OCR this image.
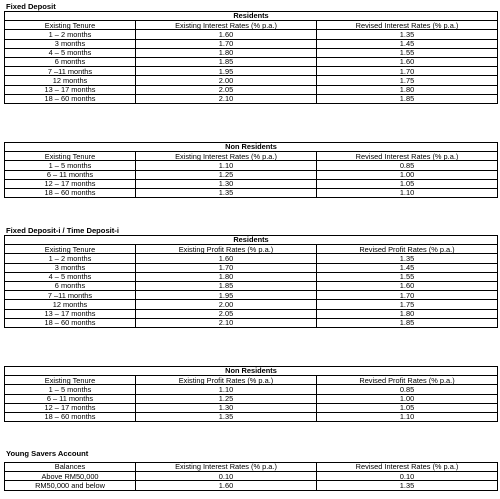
Fixed Deposit
Residents		
Existing Tenure	Existing Interest Rates (% p.a.)	Revised Interest Rates (% p.a.)
1 – 2 months	1.60	1.35
3 months	1.70	1.45
4 – 5 months	1.80	1.55
6 months	1.85	1.60
7 –11 months	1.95	1.70
12 months	2.00	1.75
13 – 17 months	2.05	1.80
18 – 60 months	2.10	1.85
Non Residents		
Existing Tenure	Existing Interest Rates (% p.a.)	Revised Interest Rates (% p.a.)
1 – 5 months	1.10	0.85
6 – 11 months	1.25	1.00
12 – 17 months	1.30	1.05
18 – 60 months	1.35	1.10
Fixed Deposit-i / Time Deposit-i
Residents		
Existing Tenure	Existing Profit Rates (% p.a.)	Revised Profit Rates (% p.a.)
1 – 2 months	1.60	1.35
3 months	1.70	1.45
4 – 5 months	1.80	1.55
6 months	1.85	1.60
7 –11 months	1.95	1.70
12 months	2.00	1.75
13 – 17 months	2.05	1.80
18 – 60 months	2.10	1.85
Non Residents		
Existing Tenure	Existing Profit Rates (% p.a.)	Revised Profit Rates (% p.a.)
1 – 5 months	1.10	0.85
6 – 11 months	1.25	1.00
12 – 17 months	1.30	1.05
18 – 60 months	1.35	1.10
Young Savers Account
Balances	Existing Interest Rates (% p.a.)	Revised Interest Rates (% p.a.)
Above RM50,000	0.10	0.10
RM50,000 and below	1.60	1.35
